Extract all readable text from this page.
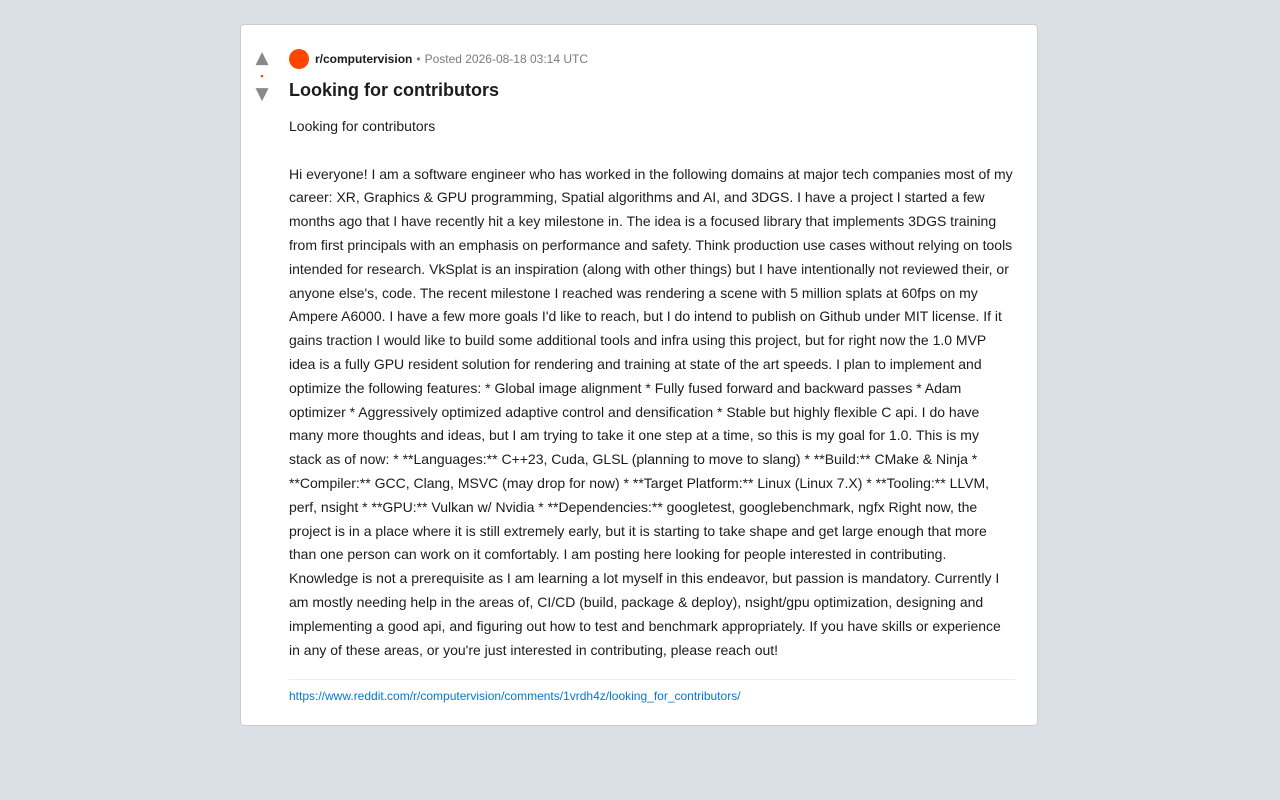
▲
•
▼
r/computervision • Posted 2026-08-18 03:14 UTC
Looking for contributors

Looking for contributors

Hi everyone! I am a software engineer who has worked in the following domains at major tech companies most of my career: XR, Graphics & GPU programming, Spatial algorithms and AI, and 3DGS. I have a project I started a few months ago that I have recently hit a key milestone in. The idea is a focused library that implements 3DGS training from first principals with an emphasis on performance and safety. Think production use cases without relying on tools intended for research. VkSplat is an inspiration (along with other things) but I have intentionally not reviewed their, or anyone else's, code. The recent milestone I reached was rendering a scene with 5 million splats at 60fps on my Ampere A6000. I have a few more goals I'd like to reach, but I do intend to publish on Github under MIT license. If it gains traction I would like to build some additional tools and infra using this project, but for right now the 1.0 MVP idea is a fully GPU resident solution for rendering and training at state of the art speeds. I plan to implement and optimize the following features: * Global image alignment * Fully fused forward and backward passes * Adam optimizer * Aggressively optimized adaptive control and densification * Stable but highly flexible C api. I do have many more thoughts and ideas, but I am trying to take it one step at a time, so this is my goal for 1.0. This is my stack as of now: * **Languages:** C++23, Cuda, GLSL (planning to move to slang) * **Build:** CMake & Ninja * **Compiler:** GCC, Clang, MSVC (may drop for now) * **Target Platform:** Linux (Linux 7.X) * **Tooling:** LLVM, perf, nsight * **GPU:** Vulkan w/ Nvidia * **Dependencies:** googletest, googlebenchmark, ngfx Right now, the project is in a place where it is still extremely early, but it is starting to take shape and get large enough that more than one person can work on it comfortably. I am posting here looking for people interested in contributing. Knowledge is not a prerequisite as I am learning a lot myself in this endeavor, but passion is mandatory. Currently I am mostly needing help in the areas of, CI/CD (build, package & deploy), nsight/gpu optimization, designing and implementing a good api, and figuring out how to test and benchmark appropriately. If you have skills or experience in any of these areas, or you're just interested in contributing, please reach out!

https://www.reddit.com/r/computervision/comments/1vrdh4z/looking_for_contributors/
